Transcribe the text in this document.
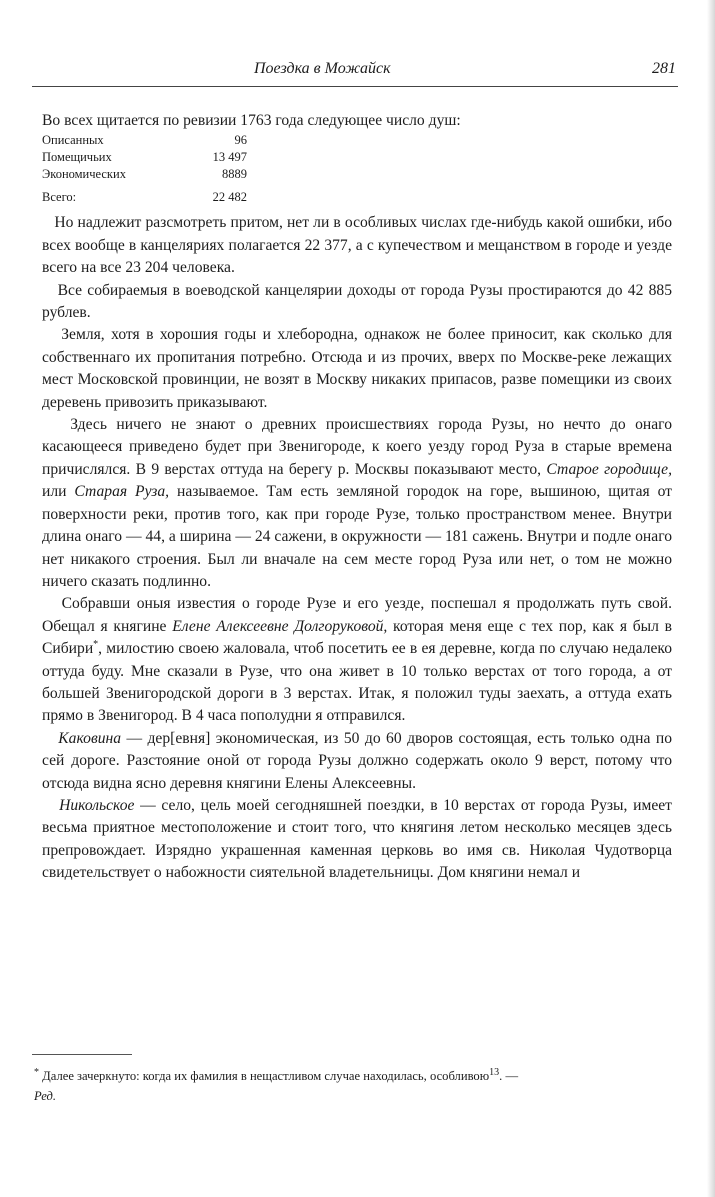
Поездка в Можайск	281

Во всех щитается по ревизии 1763 года следующее число душ:

Описанных	96
Помещичьих	13 497
Экономических	8889
Всего:	22 482

Но надлежит разсмотреть притом, нет ли в особливых числах где-нибудь какой ошибки, ибо всех вообще в канцеляриях полагается 22 377, а с купечеством и мещанством в городе и уезде всего на все 23 204 человека.

Все собираемыя в воеводской канцелярии доходы от города Рузы простираются до 42 885 рублев.

Земля, хотя в хорошия годы и хлебородна, однакож не более приносит, как сколько для собственнаго их пропитания потребно. Отсюда и из прочих, вверх по Москве-реке лежащих мест Московской провинции, не возят в Москву никаких припасов, разве помещики из своих деревень привозить приказывают.

Здесь ничего не знают о древних происшествиях города Рузы, но нечто до онаго касающееся приведено будет при Звенигороде, к коего уезду город Руза в старые времена причислялся. В 9 верстах оттуда на берегу р. Москвы показывают место, Старое городище, или Старая Руза, называемое. Там есть земляной городок на горе, вышиною, щитая от поверхности реки, против того, как при городе Рузе, только пространством менее. Внутри длина онаго — 44, а ширина — 24 сажени, в окружности — 181 сажень. Внутри и подле онаго нет никакого строения. Был ли вначале на сем месте город Руза или нет, о том не можно ничего сказать подлинно.

Собравши оныя известия о городе Рузе и его уезде, поспешал я продолжать путь свой. Обещал я княгине Елене Алексеевне Долгоруковой, которая меня еще с тех пор, как я был в Сибири*, милостию своею жаловала, чтоб посетить ее в ея деревне, когда по случаю недалеко оттуда буду. Мне сказали в Рузе, что она живет в 10 только верстах от того города, а от большей Звенигородской дороги в 3 верстах. Итак, я положил туды заехать, а оттуда ехать прямо в Звенигород. В 4 часа пополудни я отправился.

Каковина — дер[евня] экономическая, из 50 до 60 дворов состоящая, есть только одна по сей дороге. Разстояние оной от города Рузы должно содержать около 9 верст, потому что отсюда видна ясно деревня княгини Елены Алексеевны.

Никольское — село, цель моей сегодняшней поездки, в 10 верстах от города Рузы, имеет весьма приятное местоположение и стоит того, что княгиня летом несколько месяцев здесь препровождает. Изрядно украшенная каменная церковь во имя св. Николая Чудотворца свидетельствует о набожности сиятельной владетельницы. Дом княгини немал и

* Далее зачеркнуто: когда их фамилия в нещастливом случае находилась, особливою$^{13}$. —
Ред.
